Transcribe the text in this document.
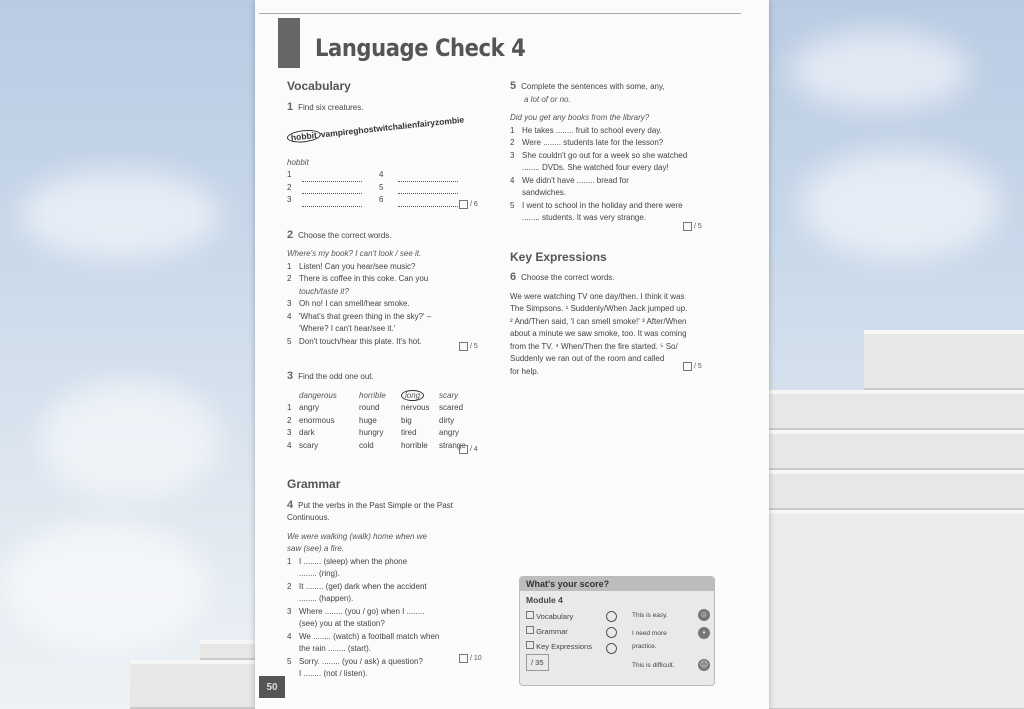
Language Check 4
Vocabulary
1 Find six creatures.
hobbit vampireghostwitchalienfairyzombie
hobbit
1	4
2	5
3	6
2 Choose the correct words.
Where's my book? I can't look / see it.
1 Listen! Can you hear/see music?
2 There is coffee in this coke. Can you
touch/taste it?
3 Oh no! I can smell/hear smoke.
4 'What's that green thing in the sky?' –
'Where? I can't hear/see it.'
5 Don't touch/hear this plate. It's hot.
3 Find the odd one out.
dangerous	horrible	long	scary
1 angry	round	nervous	scared
2 enormous	huge	big	dirty
3 dark	hungry	tired	angry
4 scary	cold	horrible	strange
Grammar
4 Put the verbs in the Past Simple or the Past Continuous.
We were walking (walk) home when we
saw (see) a fire.
1 I ........ (sleep) when the phone
........ (ring).
2 It ........ (get) dark when the accident
........ (happen).
3 Where ........ (you / go) when I ........
(see) you at the station?
4 We ........ (watch) a football match when
the rain ........ (start).
5 Sorry. ........ (you / ask) a question?
I ........ (not / listen).
/ 6
/ 5
/ 4
/ 10
5 Complete the sentences with some, any,
a lot of or no.
Did you get any books from the library?
1 He takes ........ fruit to school every day.
2 Were ........ students late for the lesson?
3 She couldn't go out for a week so she watched
........ DVDs. She watched four every day!
4 We didn't have ........ bread for
sandwiches.
5 I went to school in the holiday and there were
........ students. It was very strange.
Key Expressions
6 Choose the correct words.
We were watching TV one day/then. I think it was
The Simpsons. ¹ Suddenly/When Jack jumped up.
² And/Then said, 'I can smell smoke!' ³ After/When
about a minute we saw smoke, too. It was coming
from the TV. ⁴ When/Then the fire started. ⁵ So/
Suddenly we ran out of the room and called
for help.
/ 5
/ 5
What's your score?
Module 4
Vocabulary
Grammar
Key Expressions
/ 35
This is easy.	☺
I need more practice.
•
This is difficult.	☹
50
